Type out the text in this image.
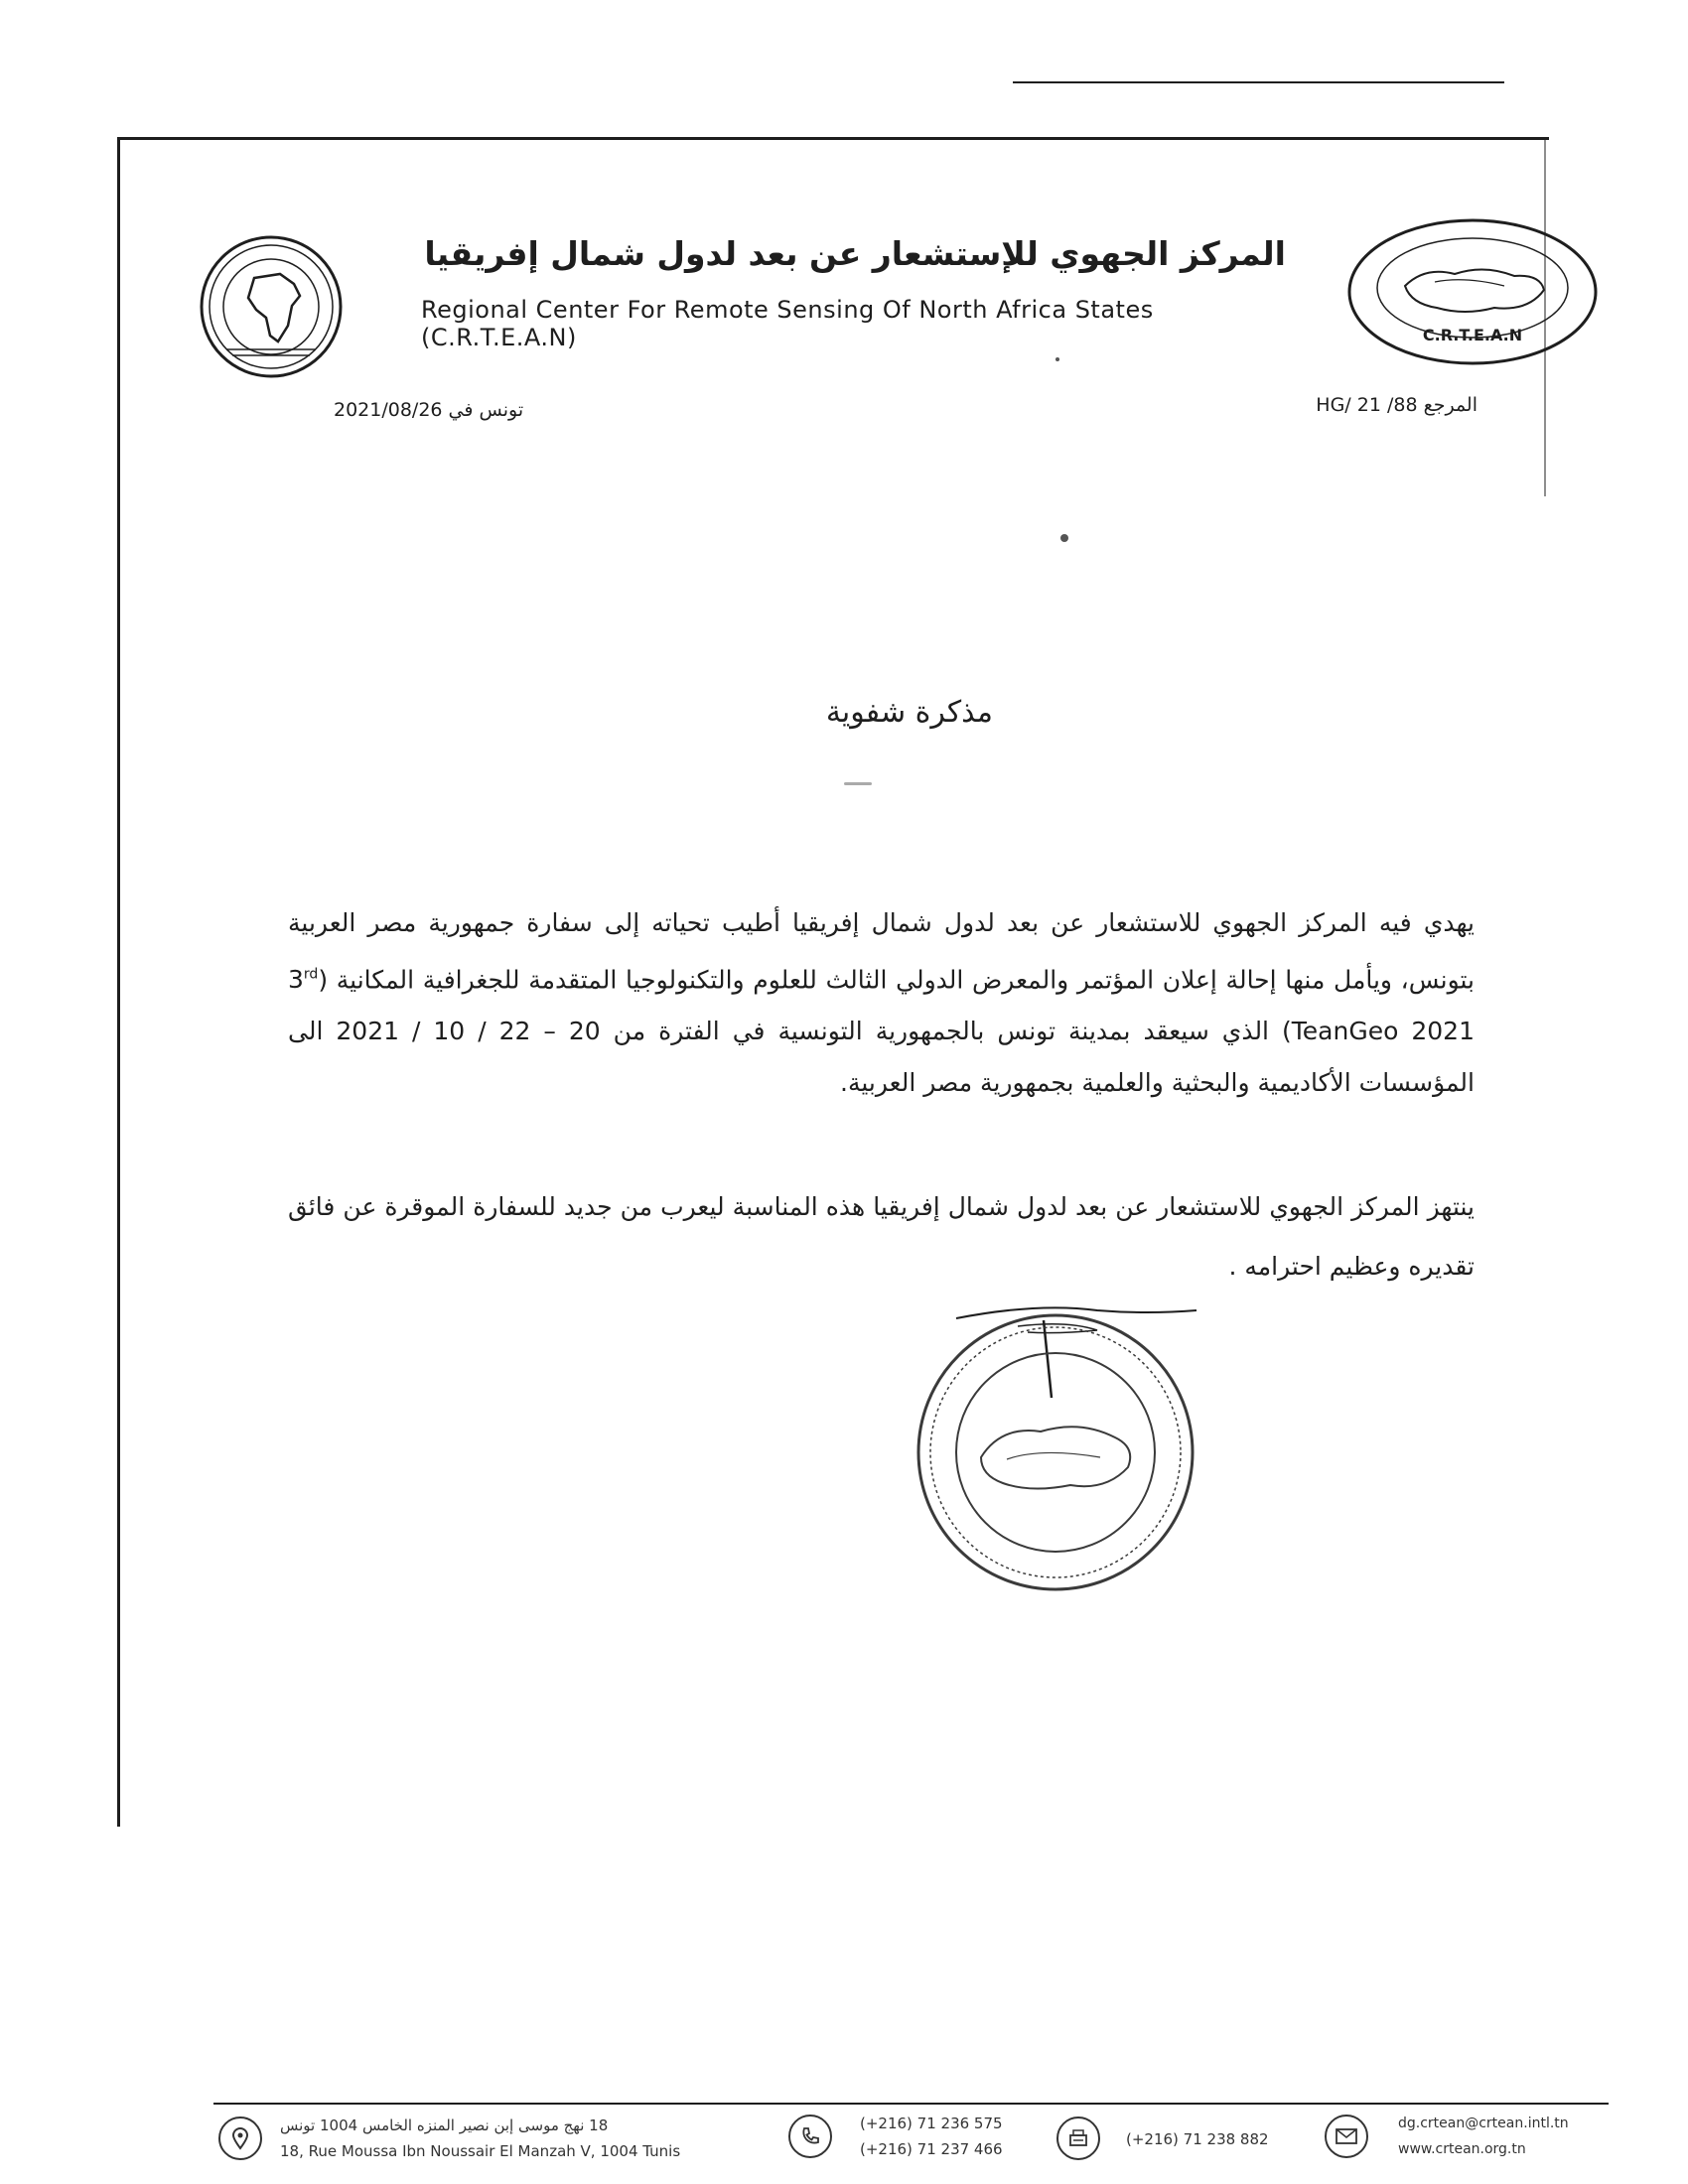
المركز الجهوي للإستشعار عن بعد لدول شمال إفريقيا
Regional Center For Remote Sensing Of North Africa States (C.R.T.E.A.N)	C.R.T.E.A.N
المرجع 88/ HG/ 21
تونس في 2021/08/26
مذكرة شفوية
يهدي فيه المركز الجهوي للاستشعار عن بعد لدول شمال إفريقيا أطيب تحياته إلى سفارة جمهورية مصر العربية بتونس، ويأمل منها إحالة إعلان المؤتمر والمعرض الدولي الثالث للعلوم والتكنولوجيا المتقدمة للجغرافية المكانية (3rd TeanGeo 2021) الذي سيعقد بمدينة تونس بالجمهورية التونسية في الفترة من 20 – 22 / 10 / 2021 الى المؤسسات الأكاديمية والبحثية والعلمية بجمهورية مصر العربية.
ينتهز المركز الجهوي للاستشعار عن بعد لدول شمال إفريقيا هذه المناسبة ليعرب من جديد للسفارة الموقرة عن فائق تقديره وعظيم احترامه .
18 نهج موسى إبن نصير المنزه الخامس 1004 تونس
18, Rue Moussa Ibn Noussair El Manzah V, 1004 Tunis
(+216) 71 236 575
(+216) 71 237 466
(+216) 71 238 882
dg.crtean@crtean.intl.tn
www.crtean.org.tn
